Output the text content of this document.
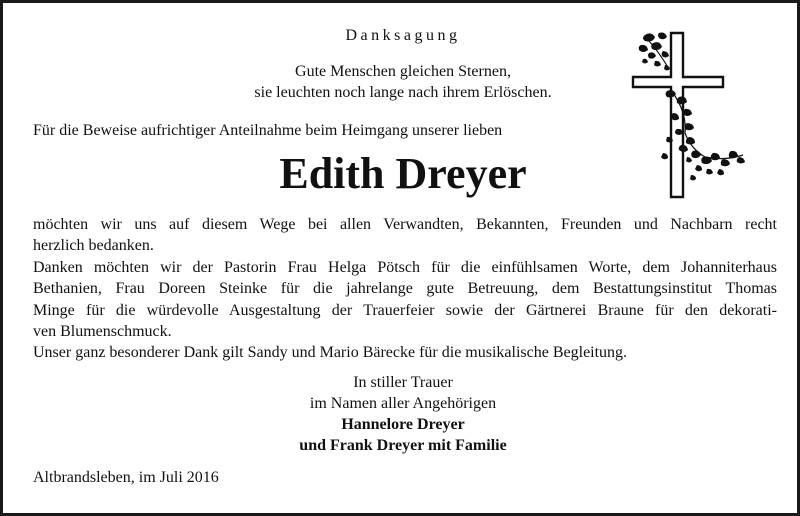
Danksagung
Gute Menschen gleichen Sternen,
sie leuchten noch lange nach ihrem Erlöschen.
Für die Beweise aufrichtiger Anteilnahme beim Heimgang unserer lieben
Edith Dreyer
möchten wir uns auf diesem Wege bei allen Verwandten, Bekannten, Freunden und Nachbarn recht
herzlich bedanken.
Danken möchten wir der Pastorin Frau Helga Pötsch für die einfühlsamen Worte, dem Johanniterhaus
Bethanien, Frau Doreen Steinke für die jahrelange gute Betreuung, dem Bestattungsinstitut Thomas
Minge für die würdevolle Ausgestaltung der Trauerfeier sowie der Gärtnerei Braune für den dekorati-
ven Blumenschmuck.
Unser ganz besonderer Dank gilt Sandy und Mario Bärecke für die musikalische Begleitung.
In stiller Trauer
im Namen aller Angehörigen
Hannelore Dreyer
und Frank Dreyer mit Familie
Altbrandsleben, im Juli 2016
